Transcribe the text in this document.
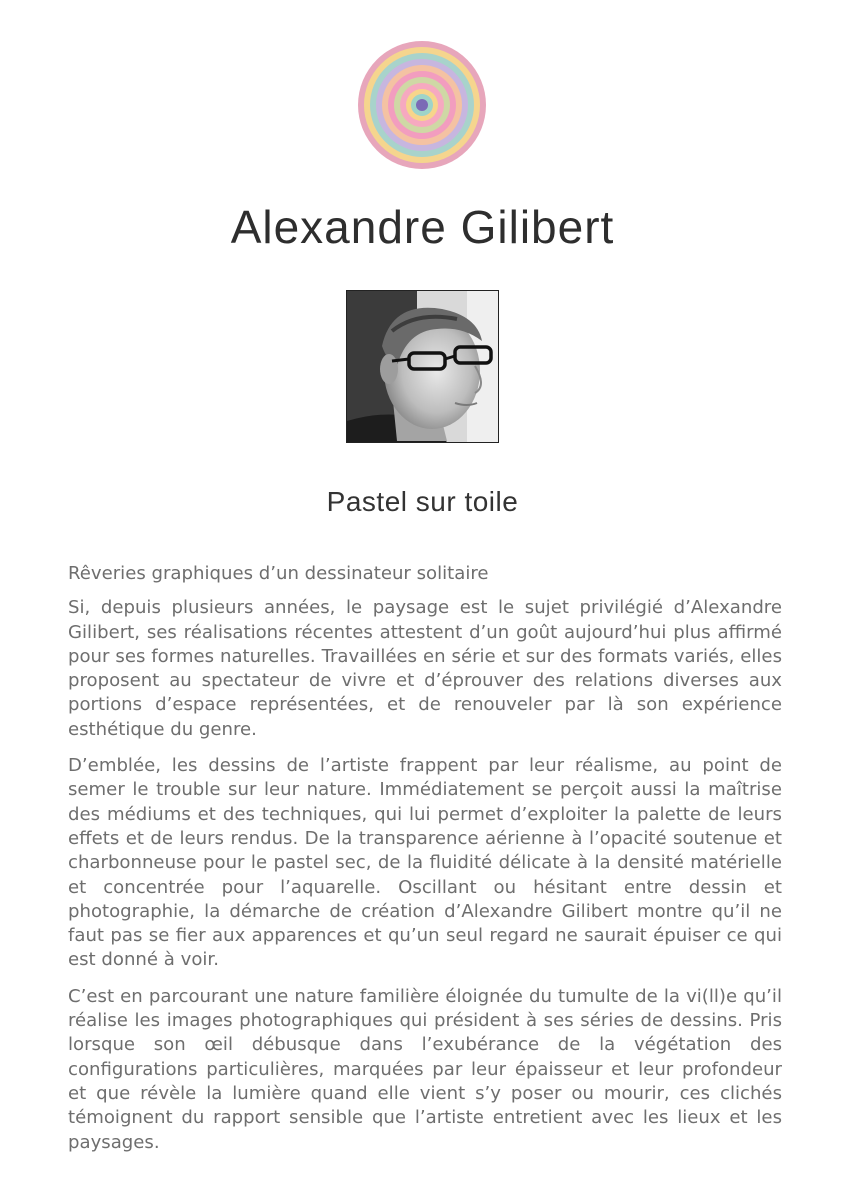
Alexandre Gilibert
Pastel sur toile

Rêveries graphiques d’un dessinateur solitaire

Si, depuis plusieurs années, le paysage est le sujet privilégié d’Alexandre Gilibert, ses réalisations récentes attestent d’un goût aujourd’hui plus affirmé pour ses formes naturelles. Travaillées en série et sur des formats variés, elles proposent au spectateur de vivre et d’éprouver des relations diverses aux portions d’espace représentées, et de renouveler par là son expérience esthétique du genre.

D’emblée, les dessins de l’artiste frappent par leur réalisme, au point de semer le trouble sur leur nature. Immédiatement se perçoit aussi la maîtrise des médiums et des techniques, qui lui permet d’exploiter la palette de leurs effets et de leurs rendus. De la transparence aérienne à l’opacité soutenue et charbonneuse pour le pastel sec, de la fluidité délicate à la densité matérielle et concentrée pour l’aquarelle. Oscillant ou hésitant entre dessin et photographie, la démarche de création d’Alexandre Gilibert montre qu’il ne faut pas se fier aux apparences et qu’un seul regard ne saurait épuiser ce qui est donné à voir.

C’est en parcourant une nature familière éloignée du tumulte de la vi(ll)e qu’il réalise les images photographiques qui président à ses séries de dessins. Pris lorsque son œil débusque dans l’exubérance de la végétation des configurations particulières, marquées par leur épaisseur et leur profondeur et que révèle la lumière quand elle vient s’y poser ou mourir, ces clichés témoignent du rapport sensible que l’artiste entretient avec les lieux et les paysages.
